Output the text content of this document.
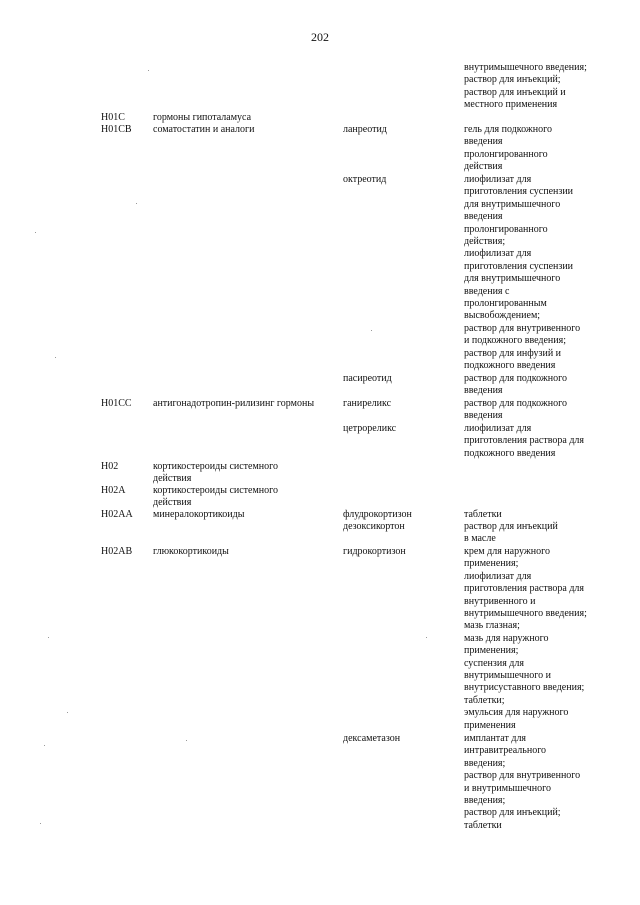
202
внутримышечного введения;
раствор для инъекций;
раствор для инъекций и
местного применения
H01C	гормоны гипоталамуса
H01CB	соматостатин и аналоги	ланреотид	гель для подкожного
введения
пролонгированного
действия
октреотид	лиофилизат для
приготовления суспензии
для внутримышечного
введения
пролонгированного
действия;
лиофилизат для
приготовления суспензии
для внутримышечного
введения с
пролонгированным
высвобождением;
раствор для внутривенного
и подкожного введения;
раствор для инфузий и
подкожного введения
пасиреотид	раствор для подкожного
введения
H01CC	антигонадотропин-рилизинг гормоны	ганиреликс	раствор для подкожного
введения
цетрореликс	лиофилизат для
приготовления раствора для
подкожного введения
H02	кортикостероиды системного
действия
H02A	кортикостероиды системного
действия
H02AA	минералокортикоиды	флудрокортизон	таблетки
дезоксикортон	раствор для инъекций
в масле
H02AB	глюкокортикоиды	гидрокортизон	крем для наружного
применения;
лиофилизат для
приготовления раствора для
внутривенного и
внутримышечного введения;
мазь глазная;
мазь для наружного
применения;
суспензия для
внутримышечного и
внутрисуставного введения;
таблетки;
эмульсия для наружного
применения
дексаметазон	имплантат для
интравитреального
введения;
раствор для внутривенного
и внутримышечного
введения;
раствор для инъекций;
таблетки
